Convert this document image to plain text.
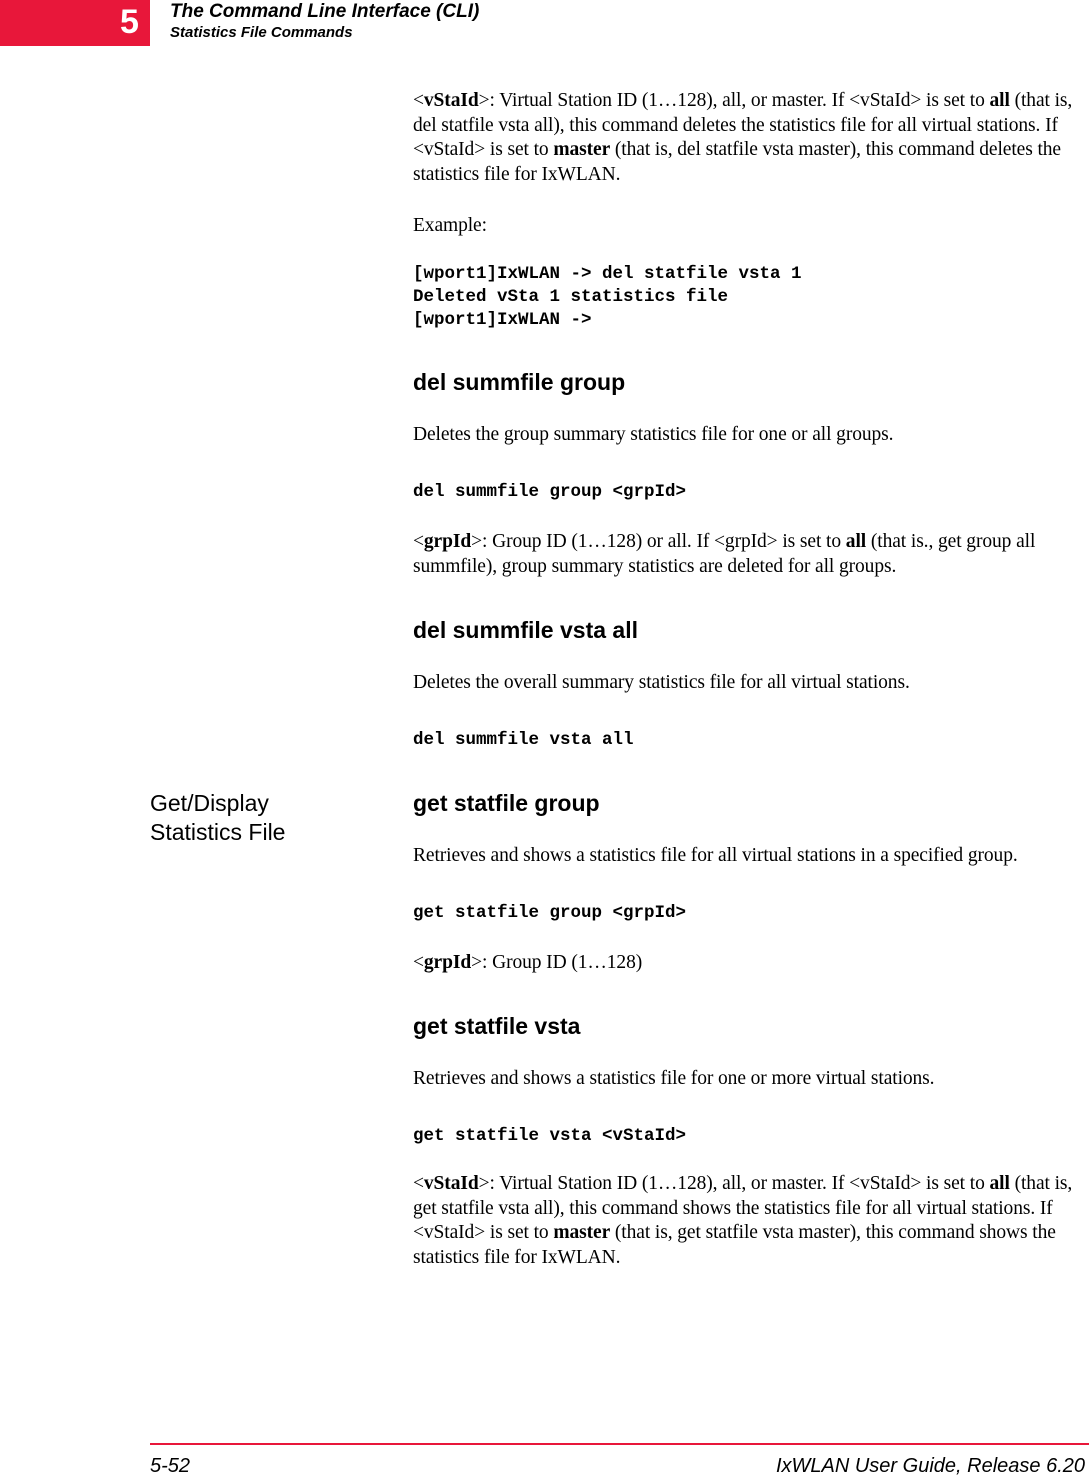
5	The Command Line Interface (CLI)
Statistics File Commands

<vStaId>: Virtual Station ID (1…128), all, or master. If <vStaId> is set to all (that is, del statfile vsta all), this command deletes the statistics file for all virtual stations. If <vStaId> is set to master (that is, del statfile vsta master), this command deletes the statistics file for IxWLAN.

Example:

[wport1]IxWLAN -> del statfile vsta 1

Deleted vSta 1 statistics file

[wport1]IxWLAN ->

del summfile group

Deletes the group summary statistics file for one or all groups.

del summfile group <grpId>

<grpId>: Group ID (1…128) or all. If <grpId> is set to all (that is., get group all summfile), group summary statistics are deleted for all groups.

del summfile vsta all

Deletes the overall summary statistics file for all virtual stations.

del summfile vsta all

get statfile group

Retrieves and shows a statistics file for all virtual stations in a specified group.

get statfile group <grpId>

<grpId>: Group ID (1…128)

get statfile vsta

Retrieves and shows a statistics file for one or more virtual stations.

get statfile vsta <vStaId>

<vStaId>: Virtual Station ID (1…128), all, or master. If <vStaId> is set to all (that is, get statfile vsta all), this command shows the statistics file for all virtual stations. If <vStaId> is set to master (that is, get statfile vsta master), this command shows the statistics file for IxWLAN.

Get/Display
Statistics File
5-52	IxWLAN User Guide, Release 6.20
